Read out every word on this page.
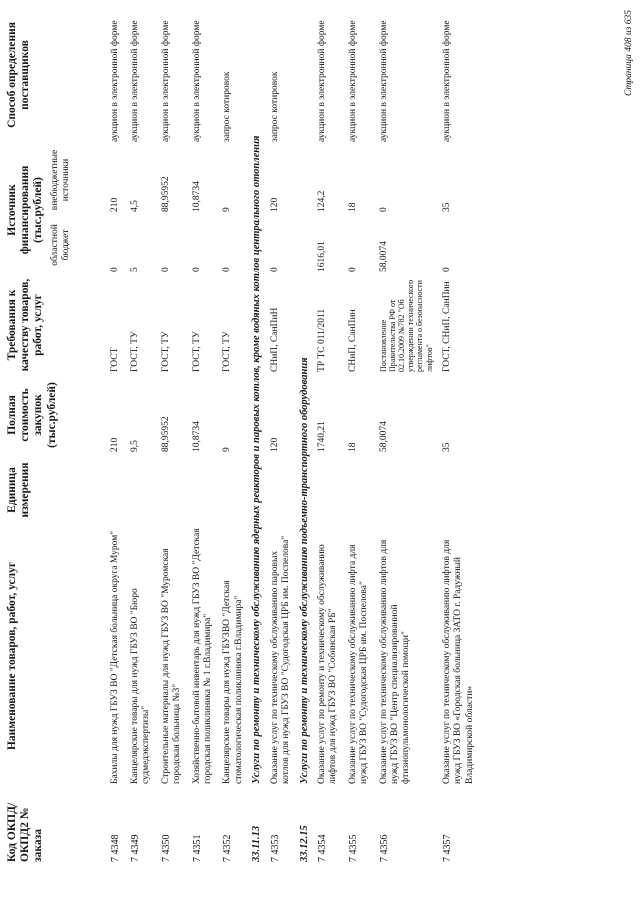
Код ОКПД/ ОКПД2 № заказа	Наименование товаров, работ, услуг	Единица измерения	Полная стоимость закупок (тыс.рублей)	Требования к качеству товаров, работ, услуг	Источник финансирования (тыс.рублей)		Способ определения поставщиков
					областной бюджет	внебюджетные источники	
7 4348	Бахилы для нужд ГБУЗ ВО "Детская больница округа Муром"		210	ГОСТ	0	210	аукцион в электронной форме
7 4349	Канцелярские товары для нужд ГБУЗ ВО "Бюро судмедэкспертизы"		9,5	ГОСТ, ТУ	5	4,5	аукцион в электронной форме
7 4350	Строительные материалы для нужд ГБУЗ ВО "Муромская городская больница №3"		88,95952	ГОСТ, ТУ	0	88,95952	аукцион в электронной форме
7 4351	Хозяйственно-бытовой инвентарь для нужд ГБУЗ ВО "Детская городская поликлиника № 1 г.Владимира"		10,8734	ГОСТ, ТУ	0	10,8734	аукцион в электронной форме
7 4352	Канцелярские товары для нужд ГБУЗВО "Детская стоматологическая поликлиника г.Владимира"		9	ГОСТ, ТУ	0	9	запрос котировок
33.11.13	Услуги по ремонту и техническому обслуживанию ядерных реакторов и паровых котлов, кроме водяных котлов центрального отопления						
7 4353	Оказание услуг по техническому обслуживанию паровых котлов для нужд ГБУЗ ВО "Судогодская ЦРБ им. Поспелова"		120	СНиП, СанПиН	0	120	запрос котировок
33.12.15	Услуги по ремонту и техническому обслуживанию подъемно-транспортного оборудования						
7 4354	Оказание услуг по ремонту и техническому обслуживанию лифтов для нужд ГБУЗ ВО "Собинская РБ"		1740,21	ТР ТС 011/2011	1616,01	124,2	аукцион в электронной форме
7 4355	Оказание услуг по техническому обслуживанию лифта для нужд ГБУЗ ВО "Судогодская ЦРБ им. Поспелова"		18	СНиП, СанПин	0	18	аукцион в электронной форме
7 4356	Оказание услуг по техническому обслуживанию лифтов для нужд ГБУЗ ВО "Центр специализированной фтизиопульмонологической помощи"		58,0074	Постановление Правительства РФ от 02.10.2009 №782 "Об утверждении технического регламента о безопасности лифтов"	58,0074	0	аукцион в электронной форме
7 4357	Оказание услуг по техническому обслуживанию лифтов для нужд ГБУЗ ВО «Городская больница ЗАТО г. Радужный Владимирской области»		35	ГОСТ, СНиП, СанПин	0	35	аукцион в электронной форме	Страница 408 из 635
